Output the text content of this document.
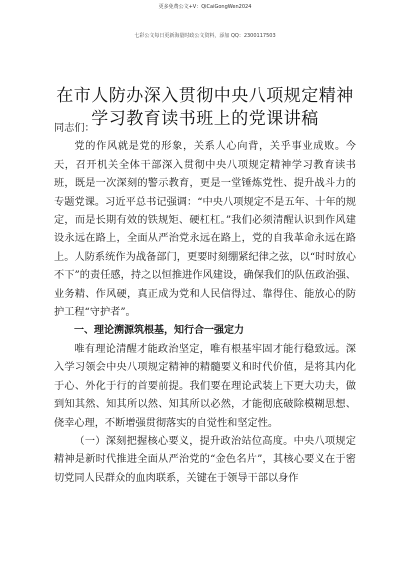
更多免费公文+V：QiCaiGongWen2024
七彩公文每日更新海量时政公文资料，添加 QQ：2300117503
在市人防办深入贯彻中央八项规定精神学习教育读书班上的党课讲稿

同志们：

党的作风就是党的形象，关系人心向背，关乎事业成败。今天，召开机关全体干部深入贯彻中央八项规定精神学习教育读书班，既是一次深刻的警示教育，更是一堂锤炼党性、提升战斗力的专题党课。习近平总书记强调：“中央八项规定不是五年、十年的规定，而是长期有效的铁规矩、硬杠杠。”我们必须清醒认识到作风建设永远在路上，全面从严治党永远在路上，党的自我革命永远在路上。人防系统作为战备部门，更要时刻绷紧纪律之弦，以“时时放心不下”的责任感，持之以恒推进作风建设，确保我们的队伍政治强、业务精、作风硬，真正成为党和人民信得过、靠得住、能放心的防护工程“守护者”。

一、理论溯源筑根基，知行合一强定力

唯有理论清醒才能政治坚定，唯有根基牢固才能行稳致远。深入学习领会中央八项规定精神的精髓要义和时代价值，是将其内化于心、外化于行的首要前提。我们要在理论武装上下更大功夫，做到知其然、知其所以然、知其所以必然，才能彻底破除模糊思想、侥幸心理，不断增强贯彻落实的自觉性和坚定性。

（一）深刻把握核心要义，提升政治站位高度。中央八项规定精神是新时代推进全面从严治党的“金色名片”，其核心要义在于密切党同人民群众的血肉联系，关键在于领导干部以身作
